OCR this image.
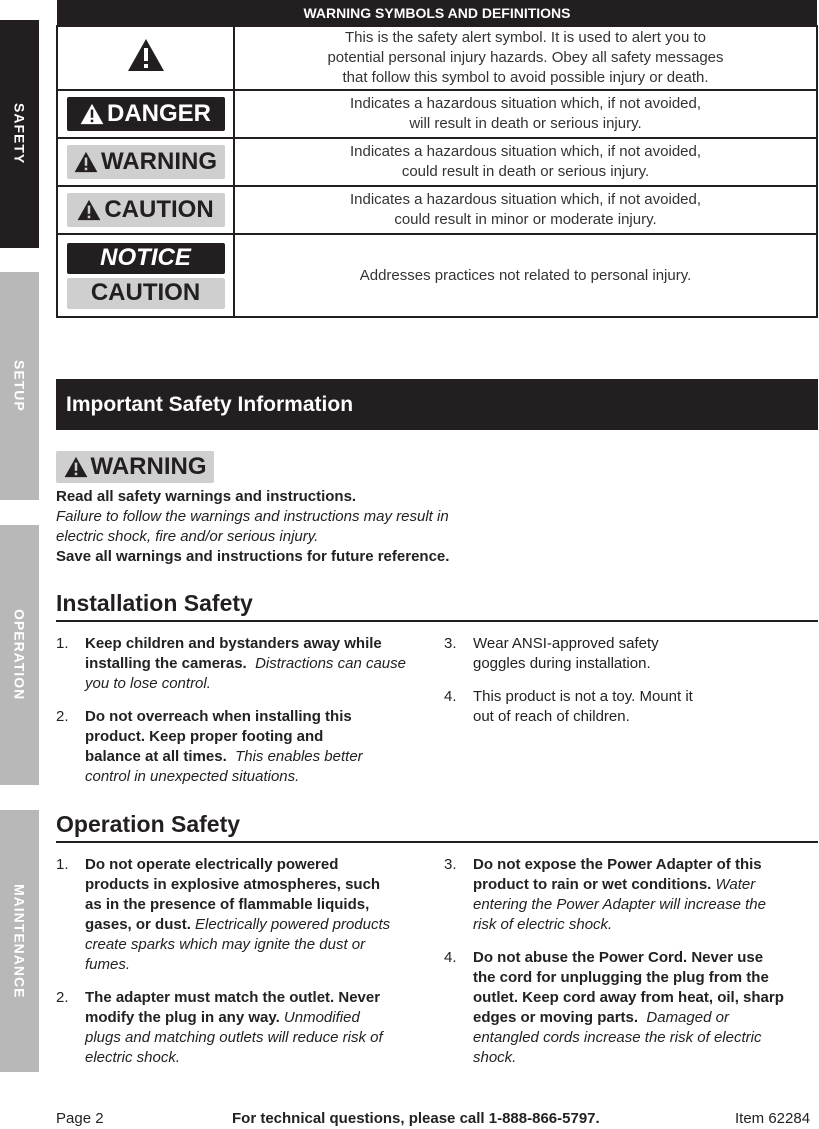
SAFETY
SETUP
OPERATION
MAINTENANCE
WARNING SYMBOLS AND DEFINITIONS	
	This is the safety alert symbol. It is used to alert you to
potential personal injury hazards. Obey all safety messages
that follow this symbol to avoid possible injury or death.

DANGER	Indicates a hazardous situation which, if not avoided,
will result in death or serious injury.

WARNING	Indicates a hazardous situation which, if not avoided,
could result in death or serious injury.

CAUTION	Indicates a hazardous situation which, if not avoided,
could result in minor or moderate injury.

NOTICE
CAUTION	Addresses practices not related to personal injury.
Important Safety Information
WARNING

Read all safety warnings and instructions.

Failure to follow the warnings and instructions may result in
electric shock, fire and/or serious injury.

Save all warnings and instructions for future reference.

Installation Safety
1. Keep children and bystanders away while installing the cameras. Distractions can cause you to lose control.
2. Do not overreach when installing this product. Keep proper footing and balance at all times. This enables better control in unexpected situations.
3. Wear ANSI-approved safety goggles during installation.
4. This product is not a toy. Mount it out of reach of children.
Operation Safety
1. Do not operate electrically powered products in explosive atmospheres, such as in the presence of flammable liquids, gases, or dust. Electrically powered products create sparks which may ignite the dust or fumes.
2. The adapter must match the outlet. Never modify the plug in any way. Unmodified plugs and matching outlets will reduce risk of electric shock.
3. Do not expose the Power Adapter of this product to rain or wet conditions. Water entering the Power Adapter will increase the risk of electric shock.
4. Do not abuse the Power Cord. Never use the cord for unplugging the plug from the outlet. Keep cord away from heat, oil, sharp edges or moving parts. Damaged or entangled cords increase the risk of electric shock.
Page 2	For technical questions, please call 1-888-866-5797.	Item 62284
